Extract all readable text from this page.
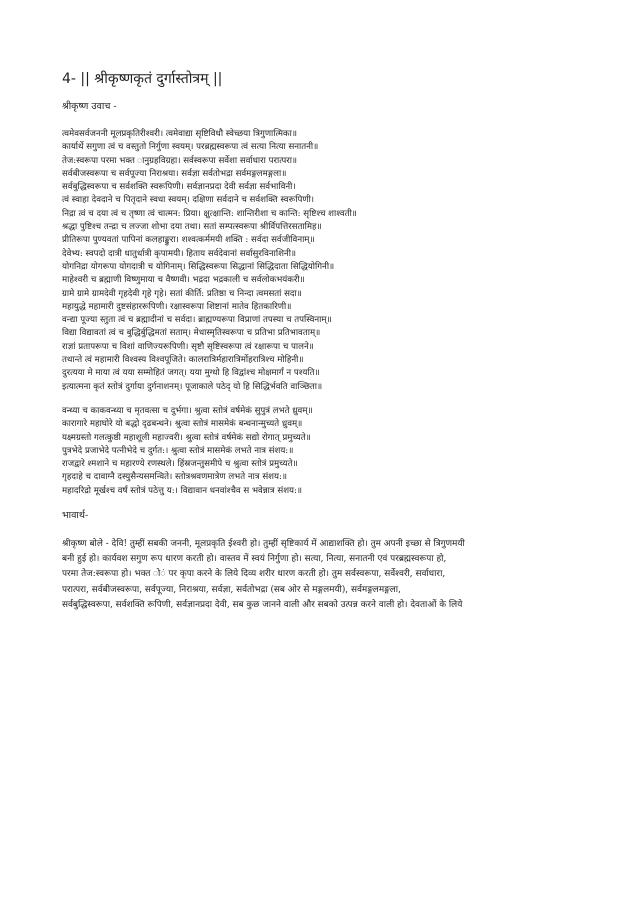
4- || श्रीकृष्णकृतं दुर्गास्तोत्रम् ||
श्रीकृष्ण उवाच -
त्वमेवसर्वजननी मूलप्रकृतिरीश्वरी। त्वमेवाद्या सृष्टिविधौ स्वेच्छया त्रिगुणात्मिका॥
कार्यार्थे सगुणा त्वं च वस्तुतो निर्गुणा स्वयम्। परब्रह्मस्वरूपा त्वं सत्या नित्या सनातनी॥
तेज:स्वरूपा परमा भक्त ानुग्रहविग्रहा। सर्वस्वरूपा सर्वेशा सर्वाधारा परात्परा॥
सर्वबीजस्वरूपा च सर्वपूज्या निराश्रया। सर्वज्ञा सर्वतोभद्रा सर्वमङ्गलमङ्गला॥
सर्वबुद्धिस्वरूपा च सर्वशक्ति स्वरूपिणी। सर्वज्ञानप्रदा देवी सर्वज्ञा सर्वभाविनी।
त्वं स्वाहा देवदाने च पितृदाने स्वधा स्वयम्। दक्षिणा सर्वदाने च सर्वशक्ति स्वरूपिणी।
निद्रा त्वं च दया त्वं च तृष्णा त्वं चात्मन: प्रिया। क्षुत्क्षान्ति: शान्तिरीशा च कान्ति: सृष्टिश्च शाश्वती॥
श्रद्धा पुष्टिश्च तन्द्रा च लज्जा शोभा दया तथा। सतां सम्पत्स्वरूपा श्रीर्विपत्तिरसतामिह॥
प्रीतिरूपा पुण्यवतां पापिनां कलहाङ्कुरा। शश्वत्कर्ममयी शक्ति : सर्वदा सर्वजीविनाम्॥
देवेभ्य: स्वपदो दात्री धातुर्धात्री कृपामयी। हिताय सर्वदेवानां सर्वासुरविनाशिनी॥
योगनिद्रा योगरूपा योगदात्री च योगिनाम्। सिद्धिस्वरूपा सिद्धानां सिद्धिदाता सिद्धियोगिनी॥
माहेश्वरी च ब्रह्माणी विष्णुमाया च वैष्णवी। भद्रदा भद्रकाली च सर्वलोकभयंकरी॥
ग्रामे ग्रामे ग्रामदेवी गृहदेवी गृहे गृहे। सतां कीर्ति: प्रतिष्ठा च निन्दा त्वमसतां सदा॥
महायुद्धे महामारी दुष्टसंहाररूपिणी। रक्षास्वरूपा शिष्टानां मातेव हितकारिणी॥
वन्द्या पूज्या स्तुता त्वं च ब्रह्मादीनां च सर्वदा। ब्राह्मण्यरूपा विप्राणां तपस्या च तपस्विनाम्॥
विद्या विद्यावतां त्वं च बुद्धिर्बुद्धिमतां सताम्। मेधास्मृतिस्वरूपा च प्रतिभा प्रतिभावताम्॥
राज्ञां प्रतापरूपा च विशां वाणिज्यरूपिणी। सृष्टौ सृष्टिस्वरूपा त्वं रक्षारूपा च पालने॥
तथान्ते त्वं महामारी विश्वस्य विश्वपूजिते। कालरात्रिर्महारात्रिर्मोहरात्रिश्च मोहिनी॥
दुरत्यया मे माया त्वं यया सम्मोहितं जगत्। यया मुग्धो हि विद्वांश्च मोक्षमार्गं न पश्यति॥
इत्यात्मना कृतं स्तोत्रं दुर्गाया दुर्गनाशनम्। पूजाकाले पठेद् यो हि सिद्धिर्भवति वाञ्छिता॥
वन्ध्या च काकवन्ध्या च मृतवत्सा च दुर्भगा। श्रुत्वा स्तोत्रं वर्षमेकं सुपुत्रं लभते ध्रुवम्॥
कारागारे महाघोरे यो बद्धो दृढबन्धने। श्रुत्वा स्तोत्रं मासमेकं बन्धनान्मुच्यते ध्रुवम्॥
यक्ष्मग्रस्तो गलत्कुष्ठी महाशूली महाज्वरी। श्रुत्वा स्तोत्रं वर्षमेकं सद्यो रोगात् प्रमुच्यते॥
पुत्रभेदे प्रजाभेदे पत्नीभेदे च दुर्गत:। श्रुत्वा स्तोत्रं मासमेकं लभते नात्र संशय:॥
राजद्वारे श्मशाने च महारण्ये रणस्थले। हिंस्रजन्तुसमीपे च श्रुत्वा स्तोत्रं प्रमुच्यते॥
गृहदाहे च दावाग्नै दस्युसैन्यसमन्विते। स्तोत्रश्रवणमात्रेण लभते नात्र संशय:॥
महादरिद्रो मूर्खश्च वर्षं स्तोत्रं पठेत्तु य:। विद्यावान धनवांश्चैव स भवेन्नात्र संशय:॥
भावार्थ-
श्रीकृष्ण बोले - देवि! तुम्हीं सबकी जननी, मूलप्रकृति ईश्वरी हो। तुम्हीं सृष्टिकार्य में आद्याशक्ति हो। तुम अपनी इच्छा से त्रिगुणमयी
बनी हुई हो। कार्यवश सगुण रूप धारण करती हो। वास्तव में स्वयं निर्गुणा हो। सत्या, नित्या, सनातनी एवं परब्रह्मस्वरूपा हो,
परमा तेज:स्वरूपा हो। भक्त ो◌ं पर कृपा करने के लिये दिव्य शरीर धारण करती हो। तुम सर्वस्वरूपा, सर्वेश्वरी, सर्वाधारा,
परात्परा, सर्वबीजस्वरूपा, सर्वपूज्या, निराश्रया, सर्वज्ञा, सर्वतोभद्रा (सब ओर से मङ्गलमयी), सर्वमङ्गलमङ्गला,
सर्वबुद्धिस्वरूपा, सर्वशक्ति रूपिणी, सर्वज्ञानप्रदा देवी, सब कुछ जानने वाली और सबको उत्पन्न करने वाली हो। देवताओं के लिये
